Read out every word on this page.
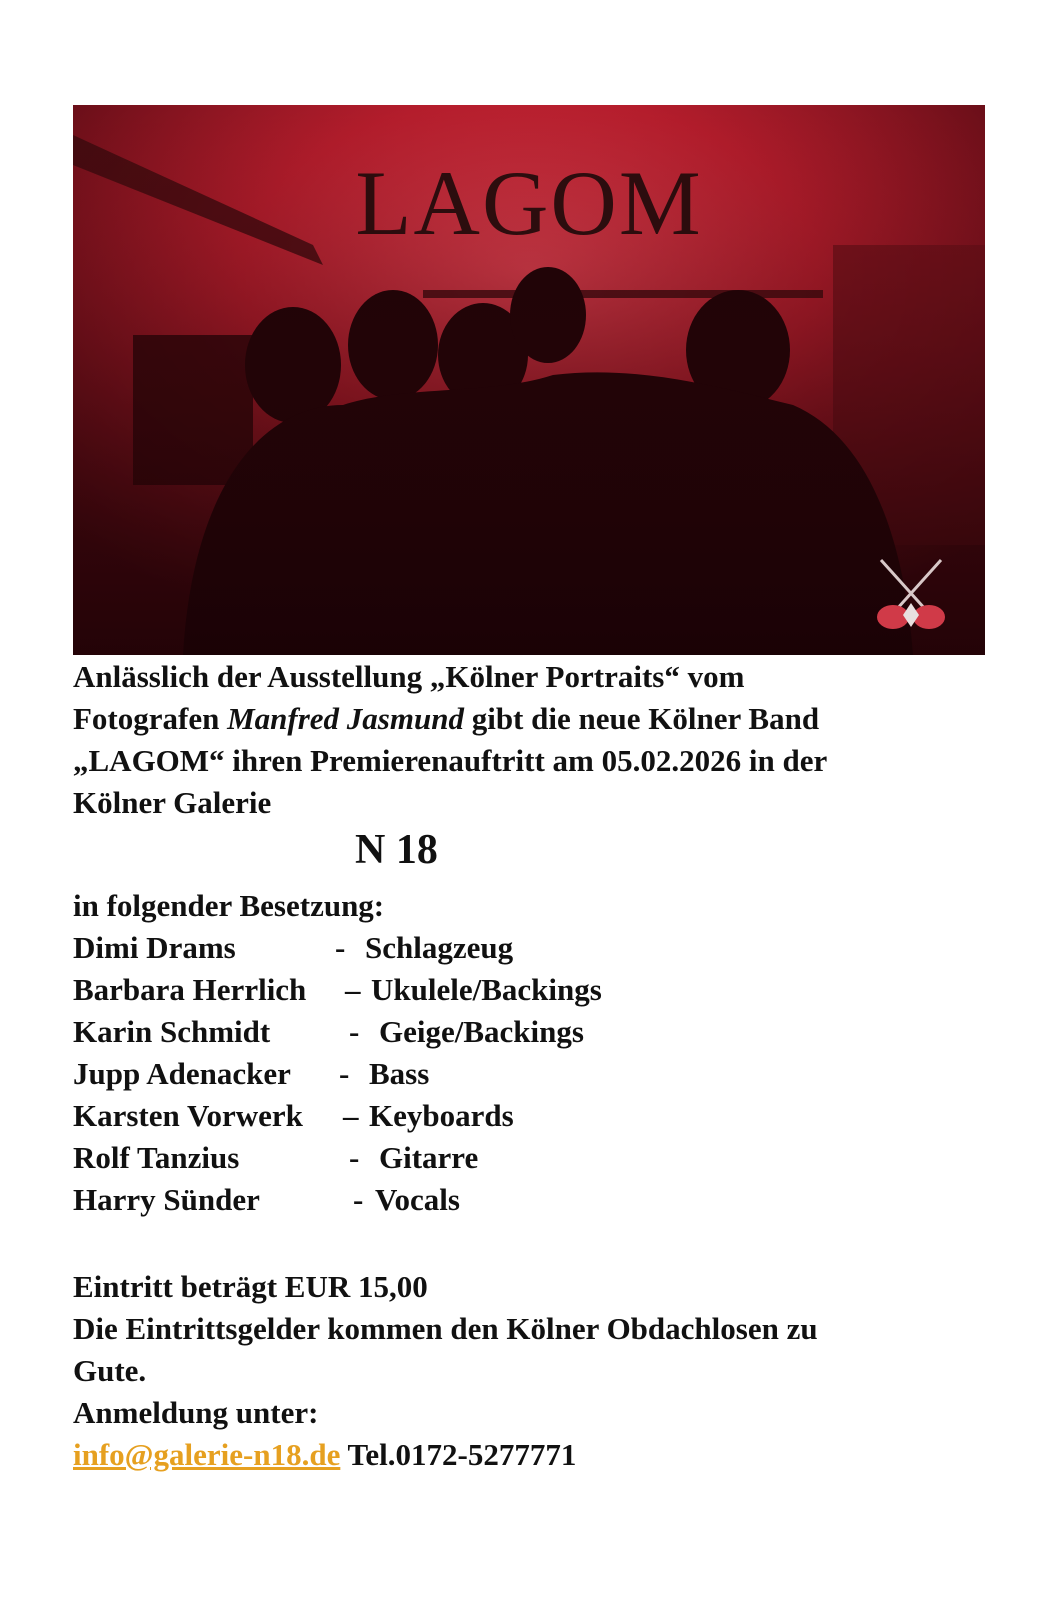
LAGOM
Anlässlich der Ausstellung „Kölner Portraits“ vom
Fotografen Manfred Jasmund gibt die neue Kölner Band
„LAGOM“ ihren Premierenauftritt am 05.02.2026 in der
Kölner Galerie
N 18
in folgender Besetzung:
Dimi Drams	- Schlagzeug
Barbara Herrlich – Ukulele/Backings
Karin Schmidt	- Geige/Backings
Jupp Adenacker - Bass
Karsten Vorwerk – Keyboards
Rolf Tanzius	- Gitarre
Harry Sünder	- Vocals
Eintritt beträgt EUR 15,00
Die Eintrittsgelder kommen den Kölner Obdachlosen zu
Gute.
Anmeldung unter:
info@galerie-n18.de Tel.0172-5277771
